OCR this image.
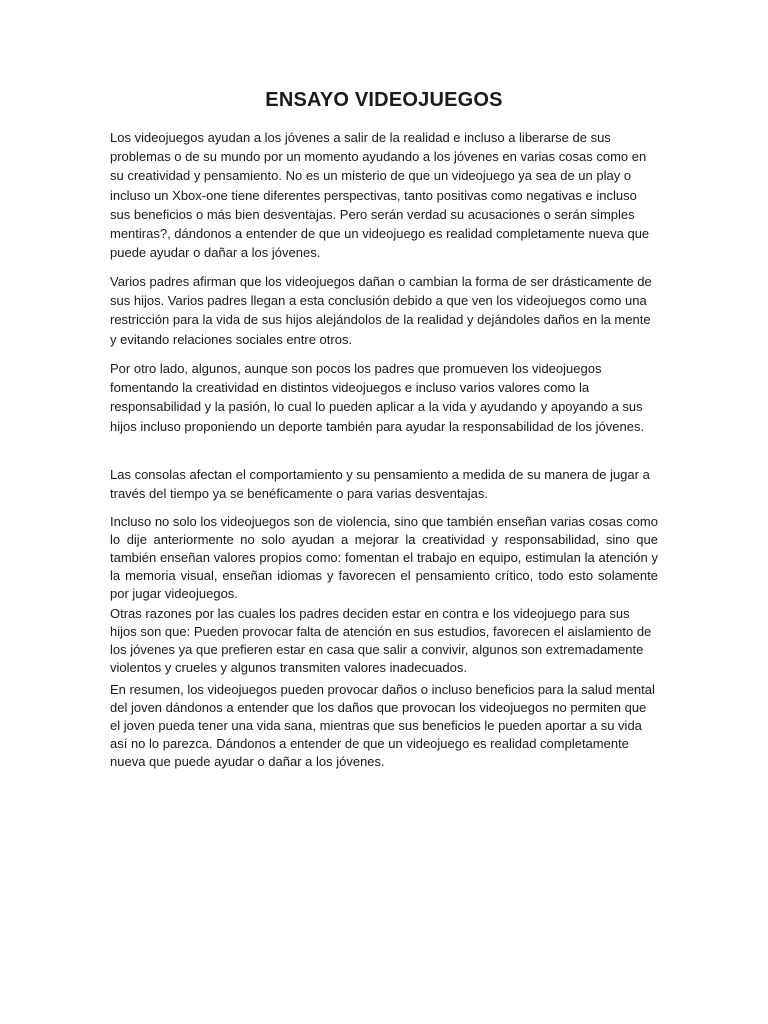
ENSAYO VIDEOJUEGOS

Los videojuegos ayudan a los jóvenes a salir de la realidad e incluso a liberarse de sus problemas o de su mundo por un momento ayudando a los jóvenes en varias cosas como en su creatividad y pensamiento. No es un misterio de que un videojuego ya sea de un play o incluso un Xbox-one tiene diferentes perspectivas, tanto positivas como negativas e incluso sus beneficios o más bien desventajas. Pero serán verdad su acusaciones o serán simples mentiras?, dándonos a entender de que un videojuego es realidad completamente nueva que puede ayudar o dañar a los jóvenes.

Varios padres afirman que los videojuegos dañan o cambian la forma de ser drásticamente de sus hijos. Varios padres llegan a esta conclusión debido a que ven los videojuegos como una restricción para la vida de sus hijos alejándolos de la realidad y dejándoles daños en la mente y evitando relaciones sociales entre otros.

Por otro lado, algunos, aunque son pocos los padres que promueven los videojuegos fomentando la creatividad en distintos videojuegos e incluso varios valores como la responsabilidad y la pasión, lo cual lo pueden aplicar a la vida y ayudando y apoyando a sus hijos incluso proponiendo un deporte también para ayudar la responsabilidad de los jóvenes.

Las consolas afectan el comportamiento y su pensamiento a medida de su manera de jugar a través del tiempo ya se benéficamente o para varias desventajas.

Incluso no solo los videojuegos son de violencia, sino que también enseñan varias cosas como lo dije anteriormente no solo ayudan a mejorar la creatividad y responsabilidad, sino que también enseñan valores propios como: fomentan el trabajo en equipo, estimulan la atención y la memoria visual, enseñan idiomas y favorecen el pensamiento crítico, todo esto solamente por jugar videojuegos.

Otras razones por las cuales los padres deciden estar en contra e los videojuego para sus hijos son que: Pueden provocar falta de atención en sus estudios, favorecen el aislamiento de los jóvenes ya que prefieren estar en casa que salir a convivir, algunos son extremadamente violentos y crueles y algunos transmiten valores inadecuados.

En resumen, los videojuegos pueden provocar daños o incluso beneficios para la salud mental del joven dándonos a entender que los daños que provocan los videojuegos no permiten que el joven pueda tener una vida sana, mientras que sus beneficios le pueden aportar a su vida así no lo parezca. Dándonos a entender de que un videojuego es realidad completamente nueva que puede ayudar o dañar a los jóvenes.
